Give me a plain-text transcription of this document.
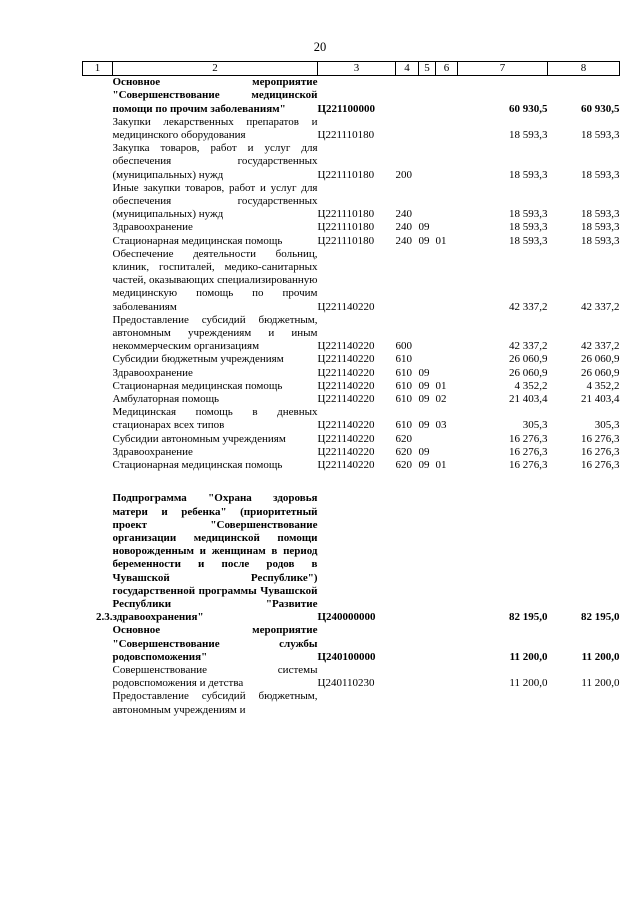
20
1	2	3	4	5	6	7	8

	Основное мероприятие "Совершенствование медицинской помощи по прочим заболеваниям"	Ц221100000				60 930,5	60 930,5

	Закупки лекарственных препаратов и медицинского оборудования	Ц221110180				18 593,3	18 593,3

	Закупка товаров, работ и услуг для обеспечения государственных (муниципальных) нужд	Ц221110180	200			18 593,3	18 593,3

	Иные закупки товаров, работ и услуг для обеспечения государственных (муниципальных) нужд	Ц221110180	240			18 593,3	18 593,3

	Здравоохранение	Ц221110180	240	09		18 593,3	18 593,3

	Стационарная медицинская помощь	Ц221110180	240	09	01	18 593,3	18 593,3

	Обеспечение деятельности больниц, клиник, госпиталей, медико-санитарных частей, оказывающих специализированную медицинскую помощь по прочим заболеваниям	Ц221140220				42 337,2	42 337,2

	Предоставление субсидий бюджетным, автономным учреждениям и иным некоммерческим организациям	Ц221140220	600			42 337,2	42 337,2

	Субсидии бюджетным учреждениям	Ц221140220	610			26 060,9	26 060,9

	Здравоохранение	Ц221140220	610	09		26 060,9	26 060,9

	Стационарная медицинская помощь	Ц221140220	610	09	01	4 352,2	4 352,2

	Амбулаторная помощь	Ц221140220	610	09	02	21 403,4	21 403,4

	Медицинская помощь в дневных стационарах всех типов	Ц221140220	610	09	03	305,3	305,3

	Субсидии автономным учреждениям	Ц221140220	620			16 276,3	16 276,3

	Здравоохранение	Ц221140220	620	09		16 276,3	16 276,3

	Стационарная медицинская помощь	Ц221140220	620	09	01	16 276,3	16 276,3

2.3.	Подпрограмма "Охрана здоровья матери и ребенка" (приоритетный проект "Совершенствование организации медицинской помощи новорожденным и женщинам в период беременности и после родов в Чувашской Республике") государственной программы Чувашской Республики "Развитие здравоохранения"	Ц240000000				82 195,0	82 195,0

	Основное мероприятие "Совершенствование службы родовспоможения"	Ц240100000				11 200,0	11 200,0

	Совершенствование системы родовспоможения и детства	Ц240110230				11 200,0	11 200,0

	Предоставление субсидий бюджетным, автономным учреждениям и						
